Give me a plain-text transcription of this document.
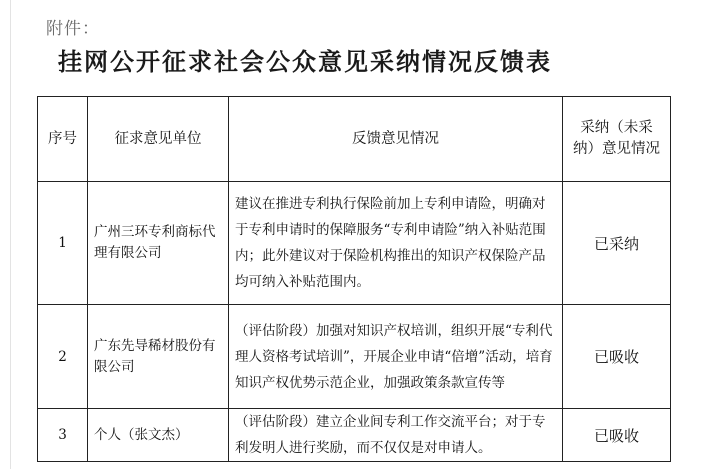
附件：
挂网公开征求社会公众意见采纳情况反馈表
序号	征求意见单位	反馈意见情况	采纳（未采纳）意见情况

1	广州三环专利商标代理有限公司	建议在推进专利执行保险前加上专利申请险，明确对于专利申请时的保障服务“专利申请险”纳入补贴范围内；此外建议对于保险机构推出的知识产权保险产品均可纳入补贴范围内。	已采纳
2	广东先导稀材股份有限公司	（评估阶段）加强对知识产权培训，组织开展“专利代理人资格考试培训”，开展企业申请“倍增”活动，培育知识产权优势示范企业，加强政策条款宣传等	已吸收
3	个人（张文杰）	（评估阶段）建立企业间专利工作交流平台；对于专利发明人进行奖励，而不仅仅是对申请人。	已吸收
